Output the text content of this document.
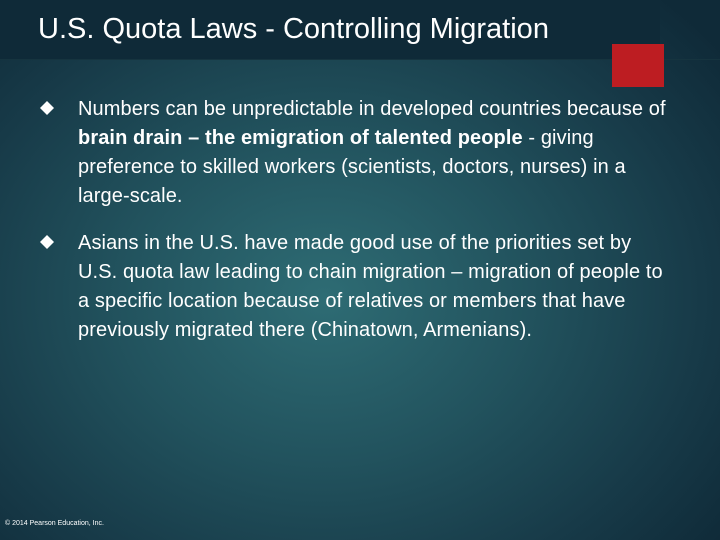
U.S. Quota Laws - Controlling Migration
Numbers can be unpredictable in developed countries because of brain drain – the emigration of talented people - giving preference to skilled workers (scientists, doctors, nurses) in a large-scale.
Asians in the U.S. have made good use of the priorities set by U.S. quota law leading to chain migration – migration of people to a specific location because of relatives or members that have previously migrated there (Chinatown, Armenians).
© 2014 Pearson Education, Inc.
